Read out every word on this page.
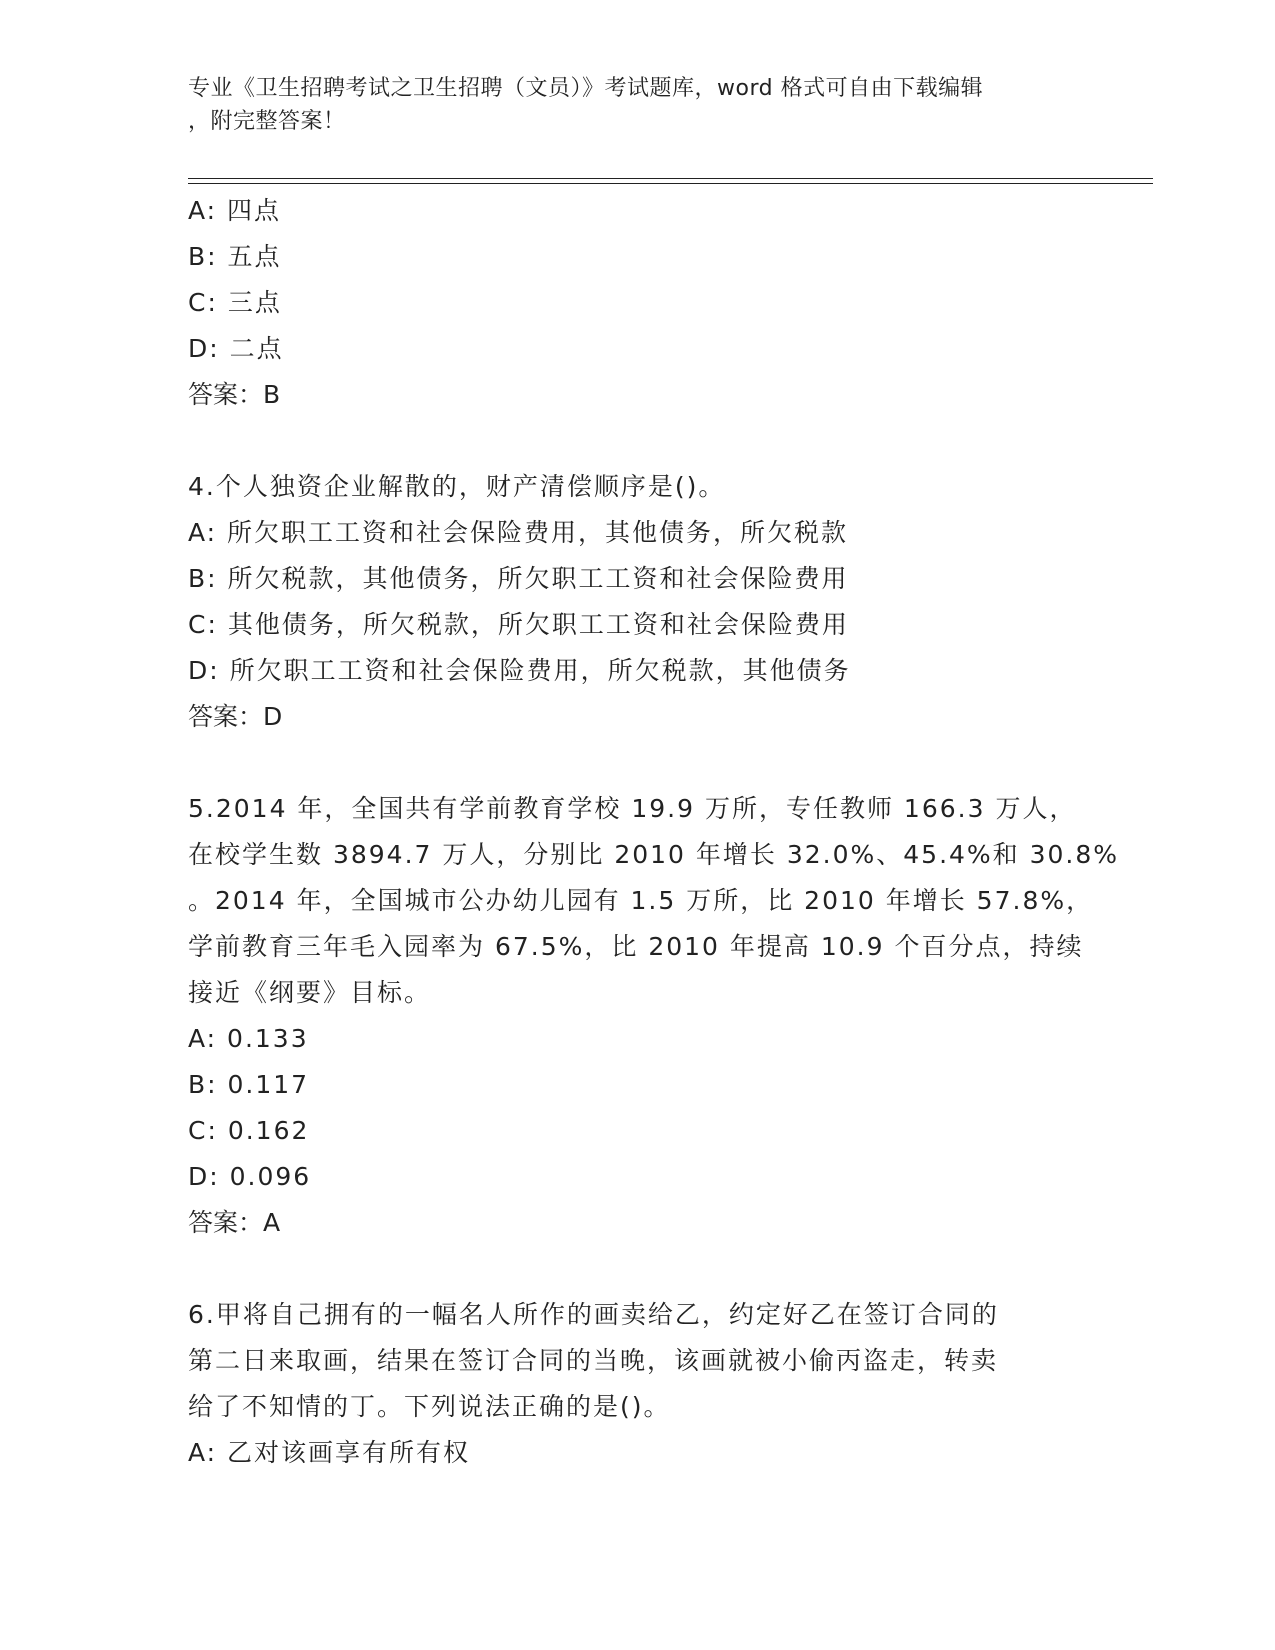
专业《卫生招聘考试之卫生招聘（文员）》考试题库，word 格式可自由下载编辑
，附完整答案！
A: 四点
B: 五点
C: 三点
D: 二点
答案：B
4.个人独资企业解散的，财产清偿顺序是()。
A: 所欠职工工资和社会保险费用，其他债务，所欠税款
B: 所欠税款，其他债务，所欠职工工资和社会保险费用
C: 其他债务，所欠税款，所欠职工工资和社会保险费用
D: 所欠职工工资和社会保险费用，所欠税款，其他债务
答案：D
5.2014 年，全国共有学前教育学校 19.9 万所，专任教师 166.3 万人，
在校学生数 3894.7 万人，分别比 2010 年增长 32.0%、45.4%和 30.8%
。2014 年，全国城市公办幼儿园有 1.5 万所，比 2010 年增长 57.8%，
学前教育三年毛入园率为 67.5%，比 2010 年提高 10.9 个百分点，持续
接近《纲要》目标。
A: 0.133
B: 0.117
C: 0.162
D: 0.096
答案：A
6.甲将自己拥有的一幅名人所作的画卖给乙，约定好乙在签订合同的
第二日来取画，结果在签订合同的当晚，该画就被小偷丙盗走，转卖
给了不知情的丁。下列说法正确的是()。
A: 乙对该画享有所有权
